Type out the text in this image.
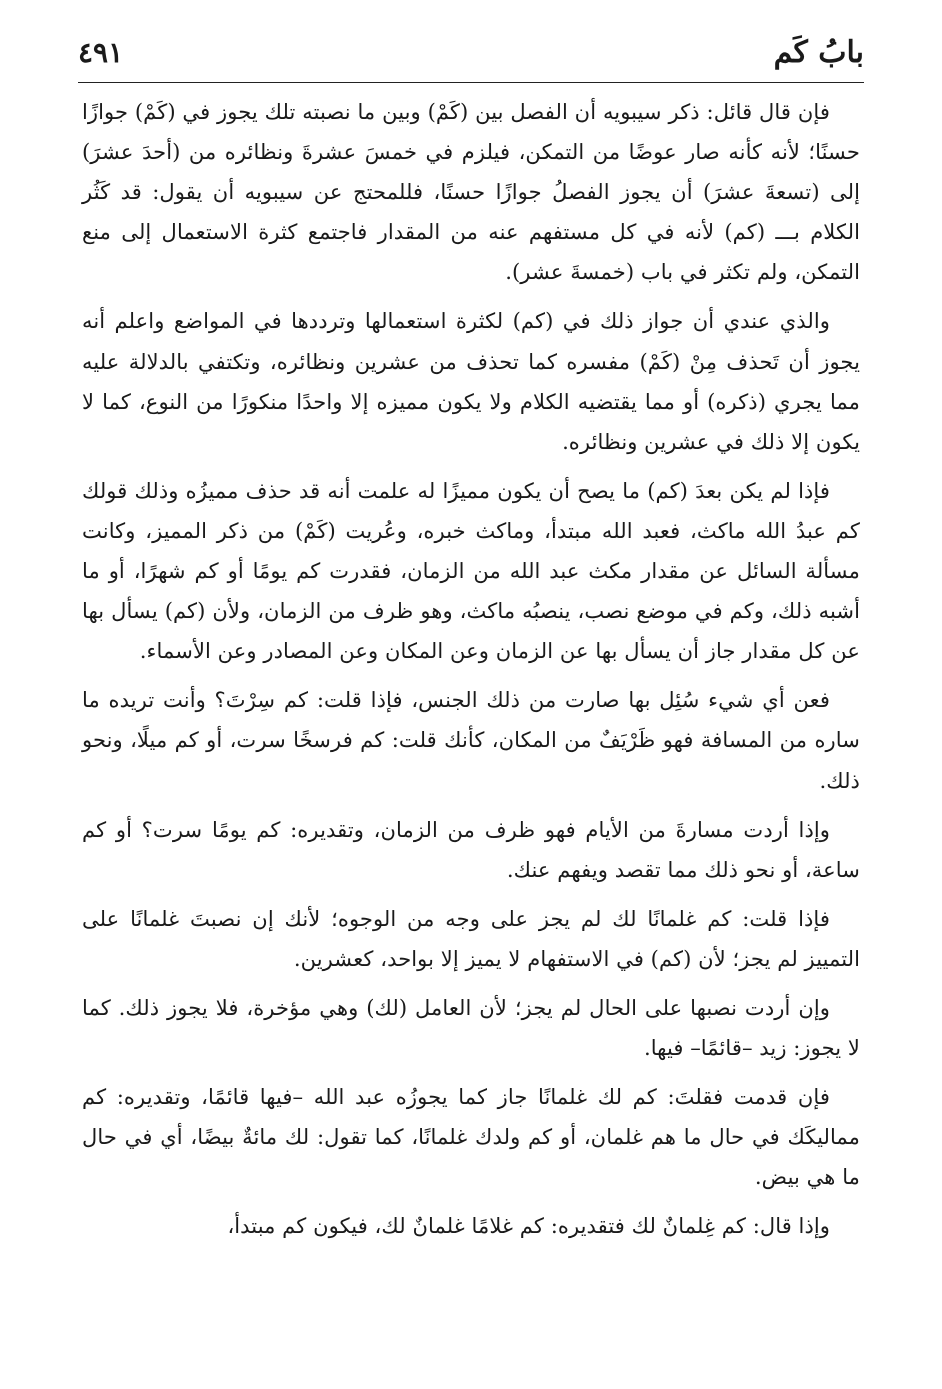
بابُ كَم
٤٩١

فإن قال قائل: ذكر سيبويه أن الفصل بين (كَمْ) وبين ما نصبته تلك يجوز في (كَمْ) جوازًا حسنًا؛ لأنه كأنه صار عوضًا من التمكن، فيلزم في خمسَ عشرةَ ونظائره من (أحدَ عشرَ) إلى (تسعةَ عشرَ) أن يجوز الفصلُ جوازًا حسنًا، فللمحتج عن سيبويه أن يقول: قد كَثُر الكلام بـــ (كم) لأنه في كل مستفهم عنه من المقدار فاجتمع كثرة الاستعمال إلى منع التمكن، ولم تكثر في باب (خمسةَ عشر).

والذي عندي أن جواز ذلك في (كم) لكثرة استعمالها وترددها في المواضع واعلم أنه يجوز أن تَحذف مِنْ (كَمْ) مفسره كما تحذف من عشرين ونظائره، وتكتفي بالدلالة عليه مما يجري (ذكره) أو مما يقتضيه الكلام ولا يكون مميزه إلا واحدًا منكورًا من النوع، كما لا يكون إلا ذلك في عشرين ونظائره.

فإذا لم يكن بعدَ (كم) ما يصح أن يكون مميزًا له علمت أنه قد حذف مميزُه وذلك قولك كم عبدُ الله ماكث، فعبد الله مبتدأ، وماكث خبره، وعُريت (كَمْ) من ذكر المميز، وكانت مسألة السائل عن مقدار مكث عبد الله من الزمان، فقدرت كم يومًا أو كم شهرًا، أو ما أشبه ذلك، وكم في موضع نصب، ينصبُه ماكث، وهو ظرف من الزمان، ولأن (كم) يسأل بها عن كل مقدار جاز أن يسأل بها عن الزمان وعن المكان وعن المصادر وعن الأسماء.

فعن أي شيء سُئِل بها صارت من ذلك الجنس، فإذا قلت: كم سِرْتَ؟ وأنت تريده ما ساره من المسافة فهو ظَرْيَفٌ من المكان، كأنك قلت: كم فرسخًا سرت، أو كم ميلًا، ونحو ذلك.

وإذا أردت مسارةَ من الأيام فهو ظرف من الزمان، وتقديره: كم يومًا سرت؟ أو كم ساعة، أو نحو ذلك مما تقصد ويفهم عنك.

فإذا قلت: كم غلمانًا لك لم يجز على وجه من الوجوه؛ لأنك إن نصبتَ غلمانًا على التمييز لم يجز؛ لأن (كم) في الاستفهام لا يميز إلا بواحد، كعشرين.

وإن أردت نصبها على الحال لم يجز؛ لأن العامل (لك) وهي مؤخرة، فلا يجوز ذلك. كما لا يجوز: زيد –قائمًا– فيها.

فإن قدمت فقلتَ: كم لك غلمانًا جاز كما يجوزُه عبد الله –فيها قائمًا، وتقديره: كم مماليكَك في حال ما هم غلمان، أو كم ولدك غلمانًا، كما تقول: لك مائةٌ بيضًا، أي في حال ما هي بيض.

وإذا قال: كم غِلمانٌ لك فتقديره: كم غلامًا غلمانٌ لك، فيكون كم مبتدأ،
